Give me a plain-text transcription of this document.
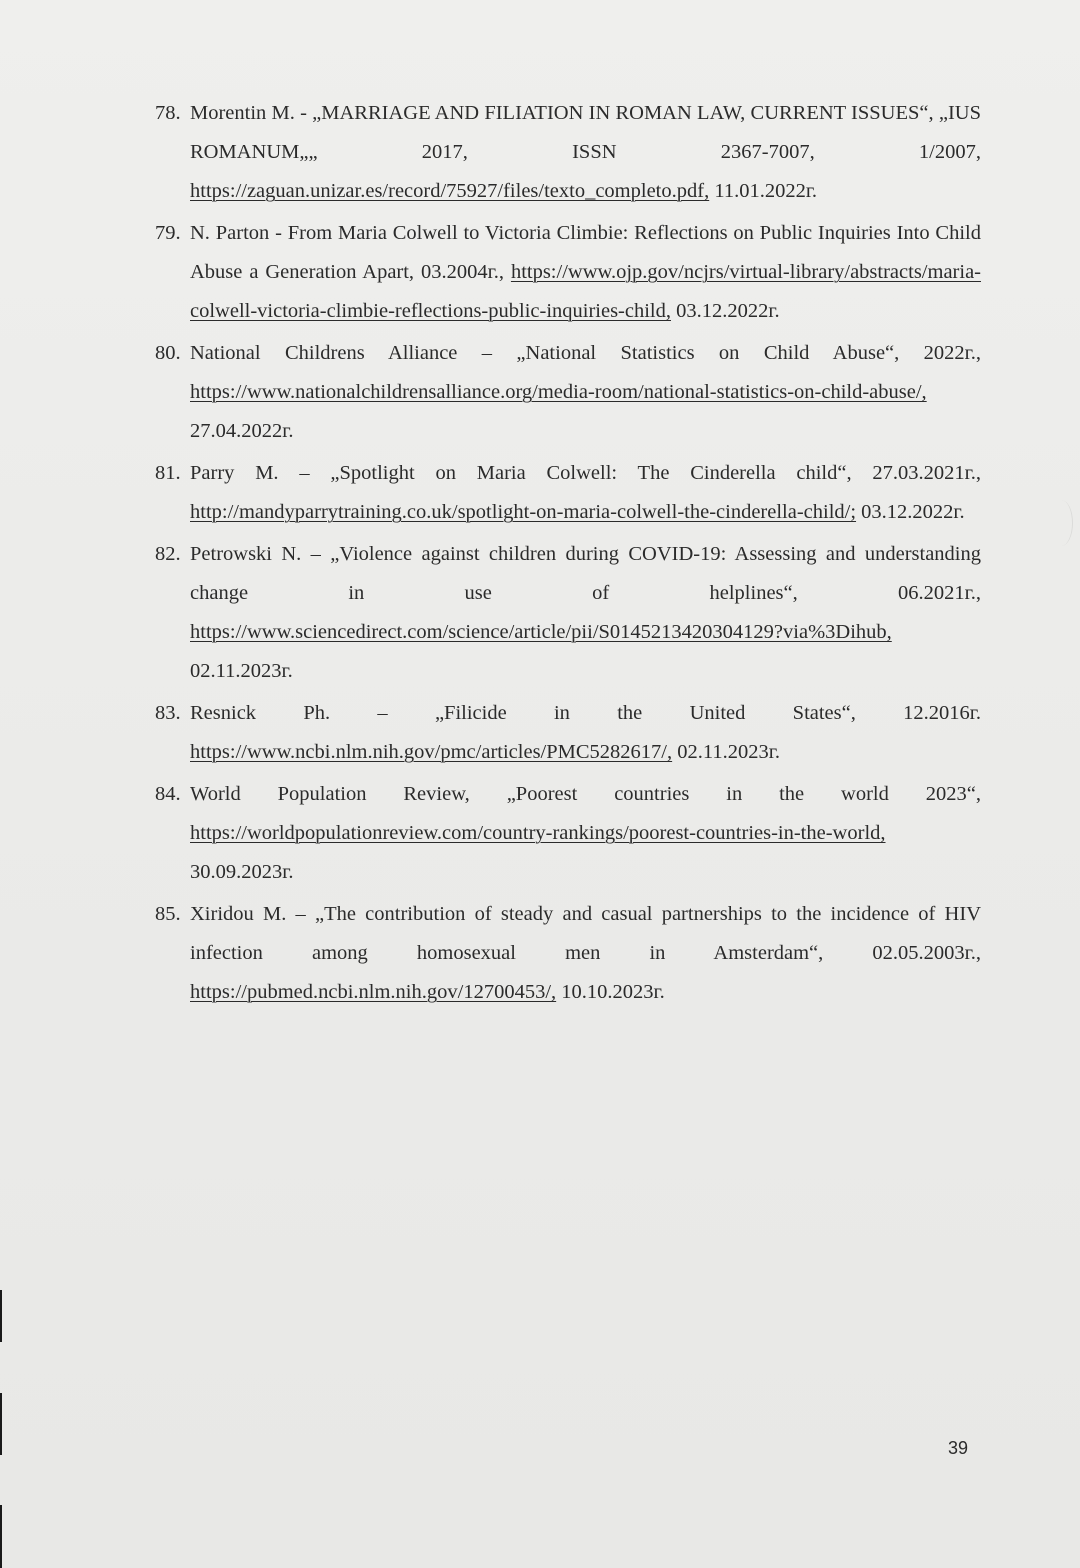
78. Morentin M. - „MARRIAGE AND FILIATION IN ROMAN LAW, CURRENT ISSUES“, „IUS ROMANUM„„ 2017, ISSN 2367-7007, 1/2007, https://zaguan.unizar.es/record/75927/files/texto_completo.pdf, 11.01.2022г.
79. N. Parton - From Maria Colwell to Victoria Climbie: Reflections on Public Inquiries Into Child Abuse a Generation Apart, 03.2004г., https://www.ojp.gov/ncjrs/virtual-library/abstracts/maria-colwell-victoria-climbie-reflections-public-inquiries-child, 03.12.2022г.
80. National Childrens Alliance – „National Statistics on Child Abuse“, 2022г., https://www.nationalchildrensalliance.org/media-room/national-statistics-on-child-abuse/, 27.04.2022г.
81. Parry M. – „Spotlight on Maria Colwell: The Cinderella child“, 27.03.2021г., http://mandyparrytraining.co.uk/spotlight-on-maria-colwell-the-cinderella-child/; 03.12.2022г.
82. Petrowski N. – „Violence against children during COVID-19: Assessing and understanding change in use of helplines“, 06.2021г., https://www.sciencedirect.com/science/article/pii/S0145213420304129?via%3Dihub, 02.11.2023г.
83. Resnick Ph. – „Filicide in the United States“, 12.2016г. https://www.ncbi.nlm.nih.gov/pmc/articles/PMC5282617/, 02.11.2023г.
84. World Population Review, „Poorest countries in the world 2023“, https://worldpopulationreview.com/country-rankings/poorest-countries-in-the-world, 30.09.2023г.
85. Xiridou M. – „The contribution of steady and casual partnerships to the incidence of HIV infection among homosexual men in Amsterdam“, 02.05.2003г., https://pubmed.ncbi.nlm.nih.gov/12700453/, 10.10.2023г.
39
